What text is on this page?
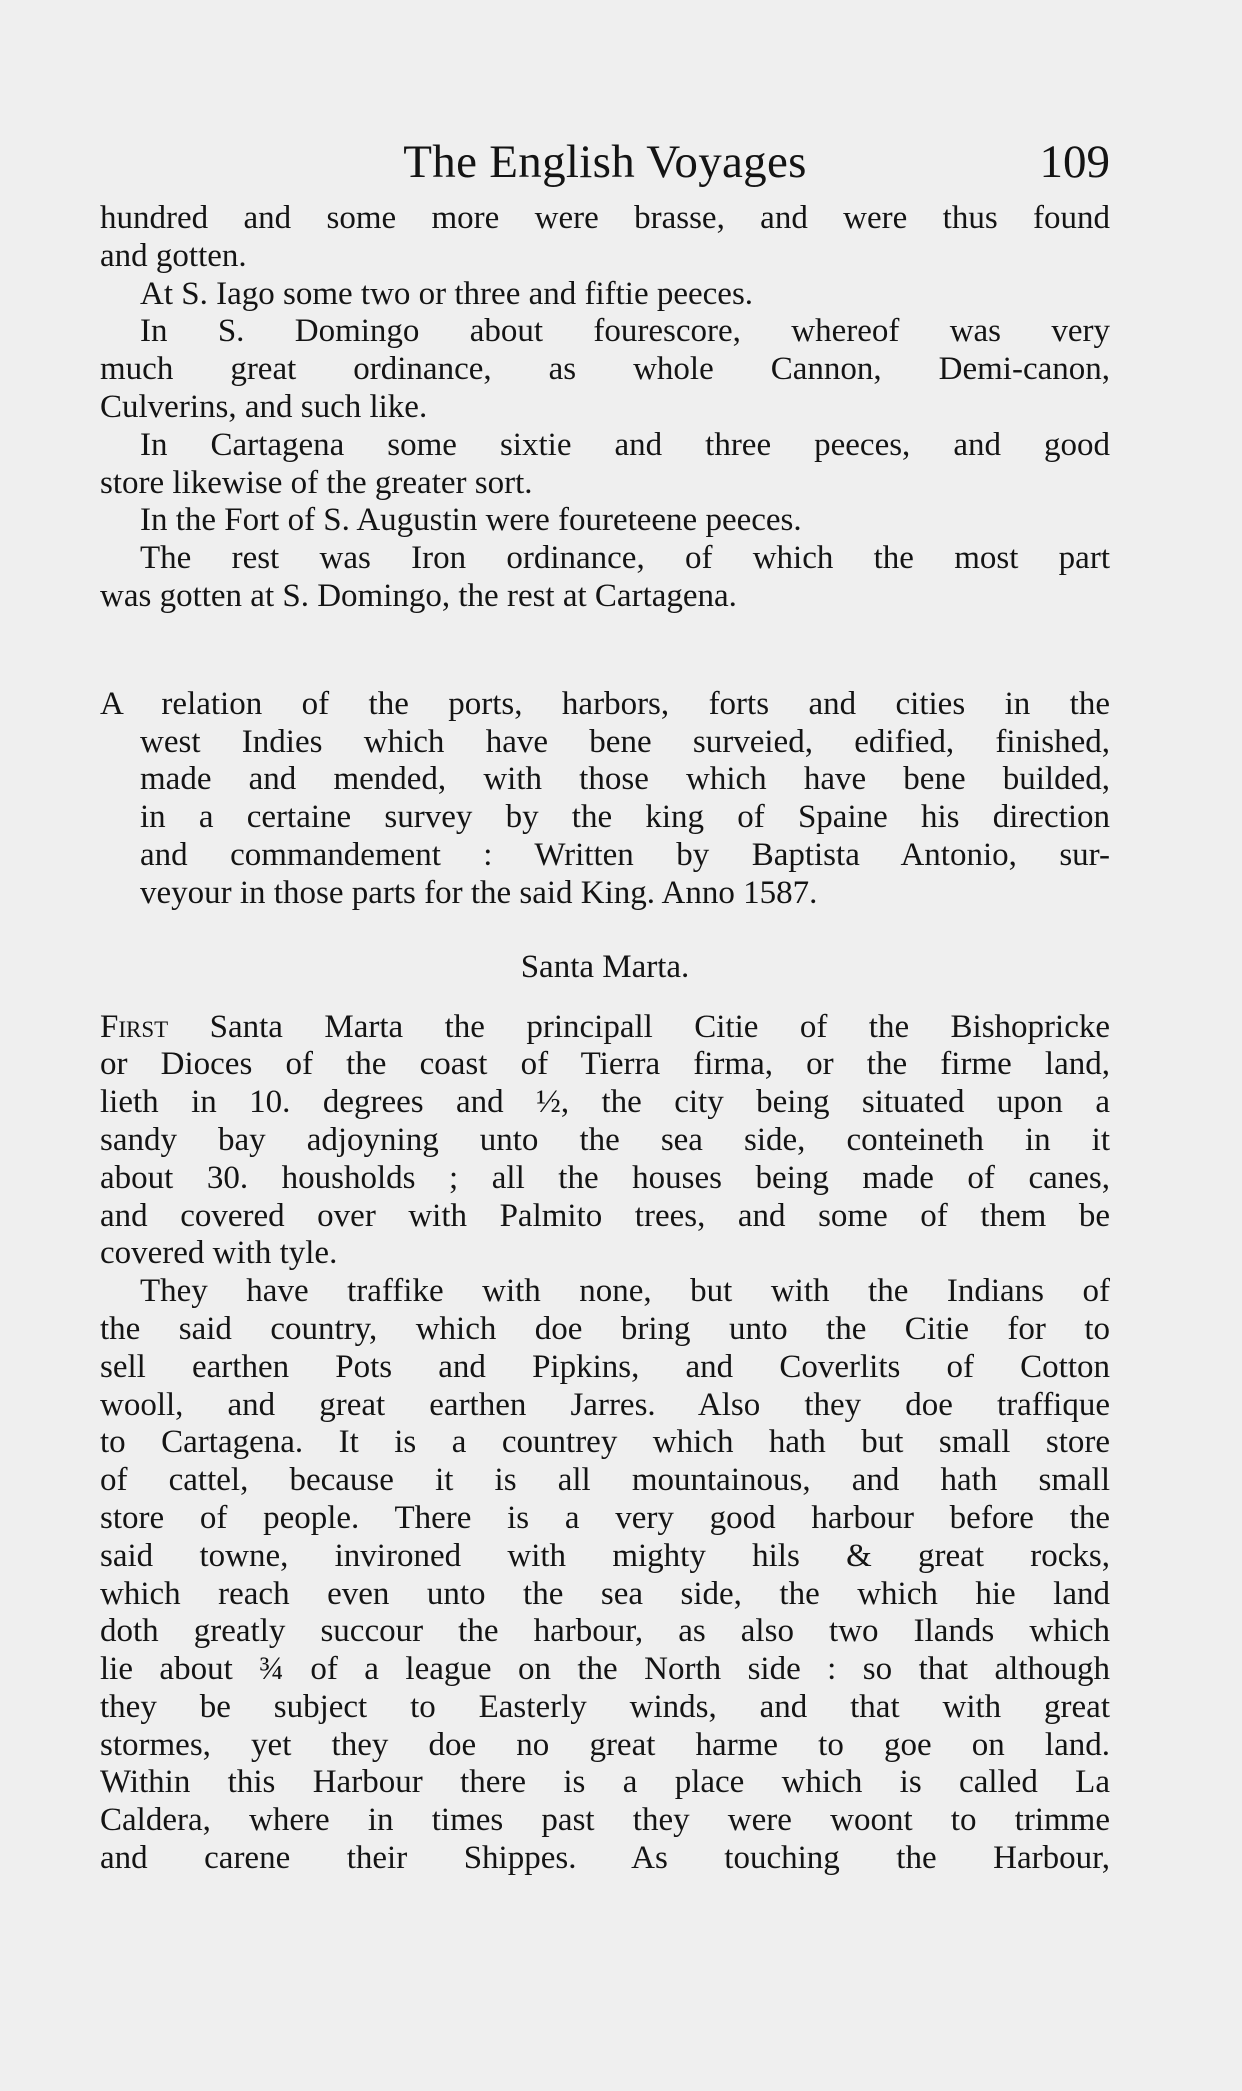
The English Voyages	109
hundred and some more were brasse, and were thus found
and gotten.
At S. Iago some two or three and fiftie peeces.
In S. Domingo about fourescore, whereof was very
much great ordinance, as whole Cannon, Demi-canon,
Culverins, and such like.
In Cartagena some sixtie and three peeces, and good
store likewise of the greater sort.
In the Fort of S. Augustin were foureteene peeces.
The rest was Iron ordinance, of which the most part
was gotten at S. Domingo, the rest at Cartagena.
A relation of the ports, harbors, forts and cities in the
west Indies which have bene surveied, edified, finished,
made and mended, with those which have bene builded,
in a certaine survey by the king of Spaine his direction
and commandement : Written by Baptista Antonio, sur-
veyour in those parts for the said King. Anno 1587.
Santa Marta.
First Santa Marta the principall Citie of the Bishopricke
or Dioces of the coast of Tierra firma, or the firme land,
lieth in 10. degrees and ½, the city being situated upon a
sandy bay adjoyning unto the sea side, conteineth in it
about 30. housholds ; all the houses being made of canes,
and covered over with Palmito trees, and some of them be
covered with tyle.
They have traffike with none, but with the Indians of
the said country, which doe bring unto the Citie for to
sell earthen Pots and Pipkins, and Coverlits of Cotton
wooll, and great earthen Jarres. Also they doe traffique
to Cartagena. It is a countrey which hath but small store
of cattel, because it is all mountainous, and hath small
store of people. There is a very good harbour before the
said towne, invironed with mighty hils & great rocks,
which reach even unto the sea side, the which hie land
doth greatly succour the harbour, as also two Ilands which
lie about ¾ of a league on the North side : so that although
they be subject to Easterly winds, and that with great
stormes, yet they doe no great harme to goe on land.
Within this Harbour there is a place which is called La
Caldera, where in times past they were woont to trimme
and carene their Shippes. As touching the Harbour,
